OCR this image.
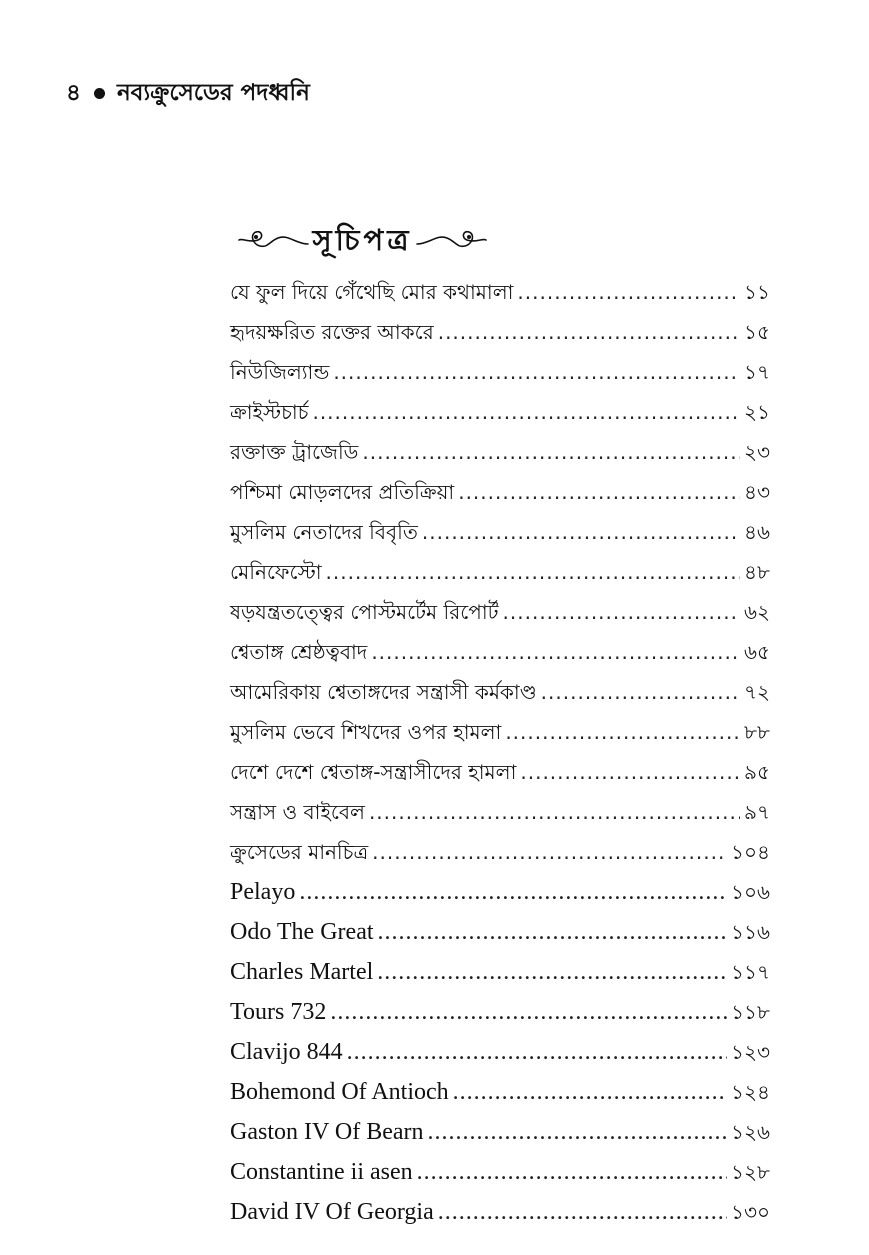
৪ নব্যক্রুসেডের পদধ্বনি
সূচিপত্র
যে ফুল দিয়ে গেঁথেছি মোর কথামালা .....	১১
হৃদয়ক্ষরিত রক্তের আকরে .....	১৫
নিউজিল্যান্ড .....	১৭
ক্রাইস্টচার্চ .....	২১
রক্তাক্ত ট্রাজেডি .....	২৩
পশ্চিমা মোড়লদের প্রতিক্রিয়া .....	৪৩
মুসলিম নেতাদের বিবৃতি .....	৪৬
মেনিফেস্টো .....	৪৮
ষড়যন্ত্রতত্ত্বের পোস্টমর্টেম রিপোর্ট .....	৬২
শ্বেতাঙ্গ শ্রেষ্ঠত্ববাদ .....	৬৫
আমেরিকায় শ্বেতাঙ্গদের সন্ত্রাসী কর্মকাণ্ড .....	৭২
মুসলিম ভেবে শিখদের ওপর হামলা .....	৮৮
দেশে দেশে শ্বেতাঙ্গ-সন্ত্রাসীদের হামলা .....	৯৫
সন্ত্রাস ও বাইবেল .....	৯৭
ক্রুসেডের মানচিত্র .....	১০৪
Pelayo .....	১০৬
Odo The Great .....	১১৬
Charles Martel .....	১১৭
Tours 732 .....	১১৮
Clavijo 844 .....	১২৩
Bohemond Of Antioch .....	১২৪
Gaston IV Of Bearn .....	১২৬
Constantine ii asen .....	১২৮
David IV Of Georgia .....	১৩০
